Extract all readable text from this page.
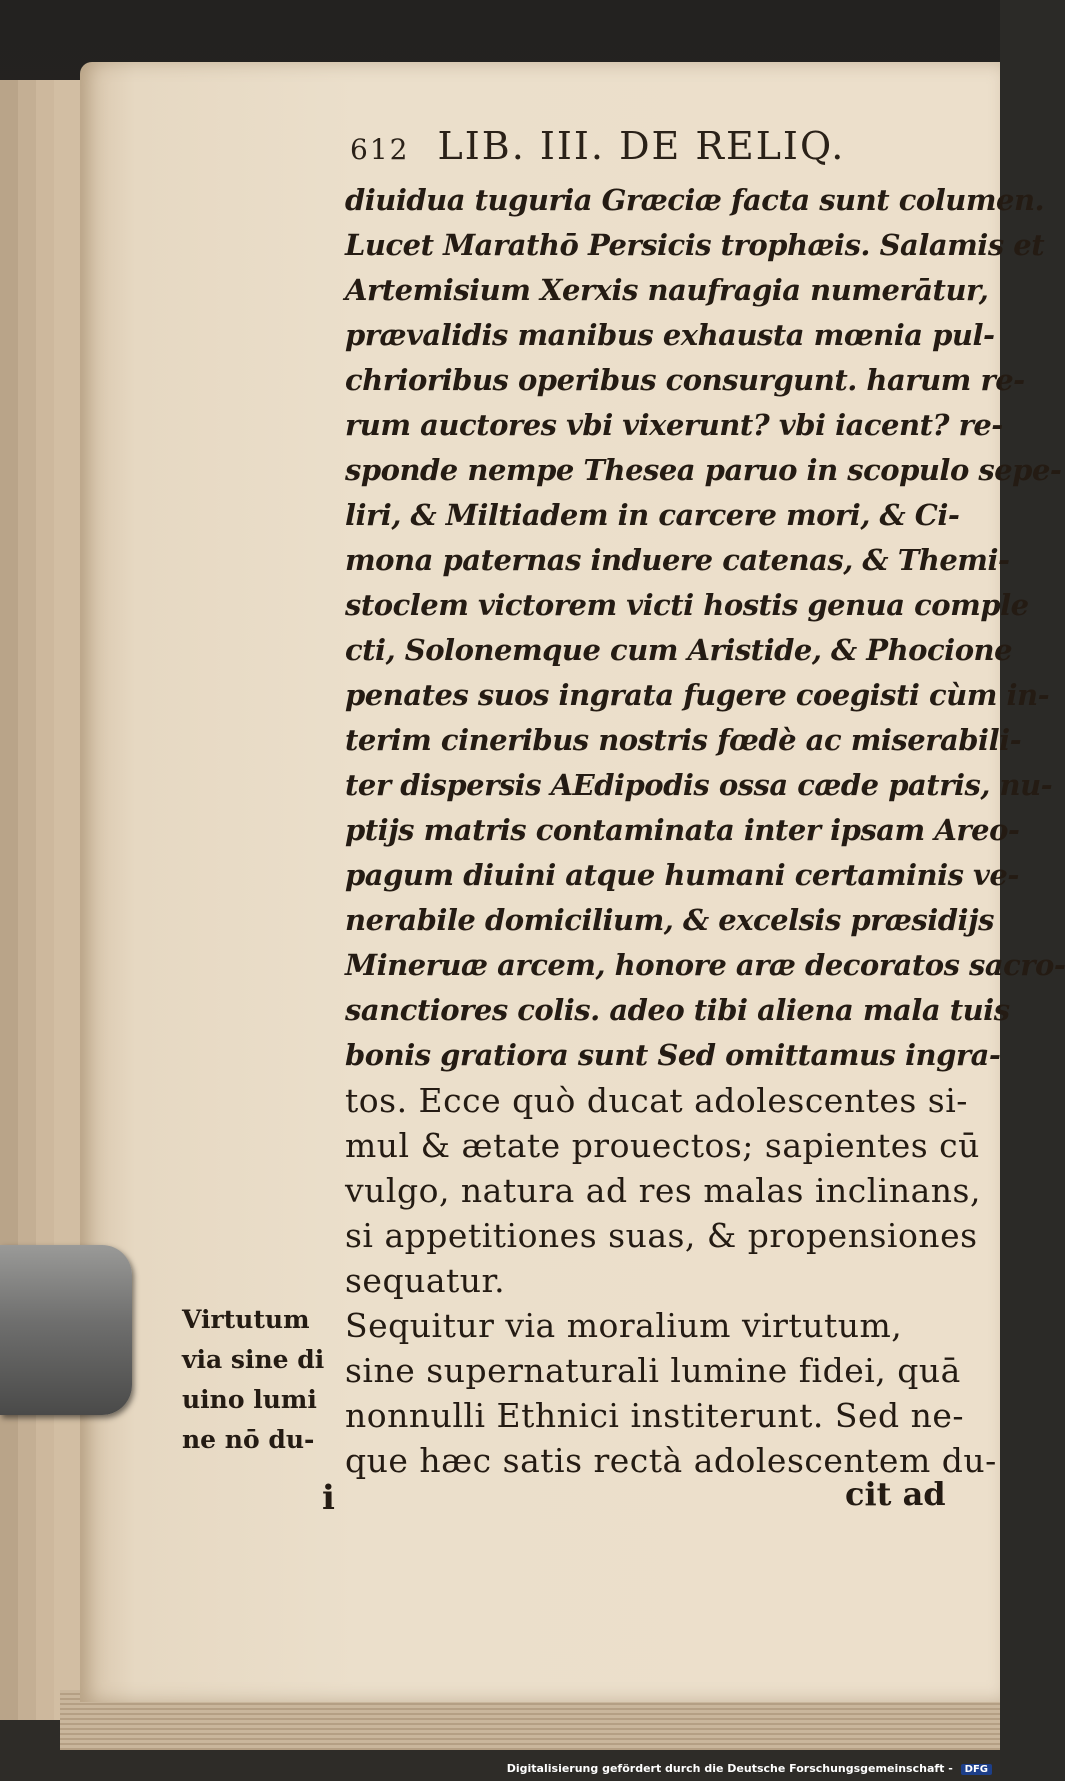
612 LIB. III. DE RELIQ.
diuidua tuguria Græciæ facta sunt columen.
Lucet Marathō Persicis trophæis. Salamis et
Artemisium Xerxis naufragia numerātur,
prævalidis manibus exhausta mœnia pul-
chrioribus operibus consurgunt. harum re-
rum auctores vbi vixerunt? vbi iacent? re-
sponde nempe Thesea paruo in scopulo sepe-
liri, & Miltiadem in carcere mori, & Ci-
mona paternas induere catenas, & Themi-
stoclem victorem victi hostis genua comple
cti, Solonemque cum Aristide, & Phocione
penates suos ingrata fugere coegisti cùm in-
terim cineribus nostris fœdè ac miserabili-
ter dispersis AEdipodis ossa cæde patris, nu-
ptijs matris contaminata inter ipsam Areo-
pagum diuini atque humani certaminis ve-
nerabile domicilium, & excelsis præsidijs
Mineruæ arcem, honore aræ decoratos sacro-
sanctiores colis. adeo tibi aliena mala tuis
bonis gratiora sunt Sed omittamus ingra-
tos. Ecce quò ducat adolescentes si-
mul & ætate prouectos; sapientes cū
vulgo, natura ad res malas inclinans,
si appetitiones suas, & propensiones
sequatur.
Sequitur via moralium virtutum,
sine supernaturali lumine fidei, quā
nonnulli Ethnici institerunt. Sed ne-
que hæc satis rectà adolescentem du-
Virtutum
via sine di
uino lumi
ne nō du-
i	cit ad
Digitalisierung gefördert durch die Deutsche Forschungsgemeinschaft - DFG
